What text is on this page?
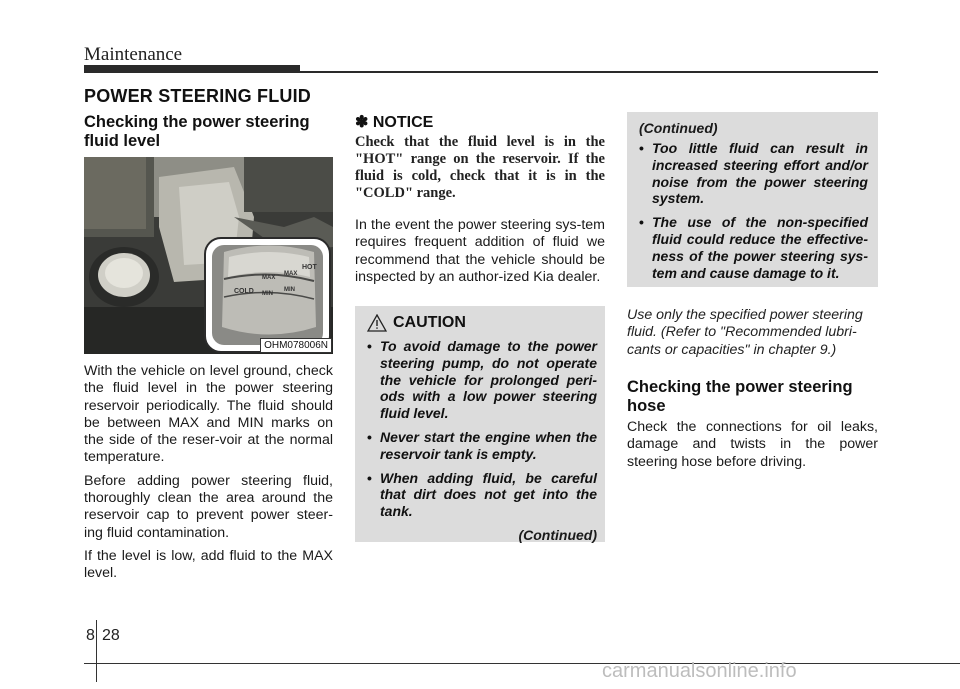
Maintenance
POWER STEERING FLUID
Checking the power steering fluid level
COLD
MAX
MIN
MAX
MIN
HOT
OHM078006N

With the vehicle on level ground, check the fluid level in the power steering reservoir periodically. The fluid should be between MAX and MIN marks on the side of the reser-voir at the normal temperature.

Before adding power steering fluid, thoroughly clean the area around the reservoir cap to prevent power steer-ing fluid contamination.

If the level is low, add fluid to the MAX level.

✽ NOTICE
Check that the fluid level is in the "HOT" range on the reservoir. If the fluid is cold, check that it is in the "COLD" range.
In the event the power steering sys-tem requires frequent addition of fluid we recommend that the vehicle should be inspected by an author-ized Kia dealer.
CAUTION
• To avoid damage to the power steering pump, do not operate the vehicle for prolonged peri-ods with a low power steering fluid level.
• Never start the engine when the reservoir tank is empty.
• When adding fluid, be careful that dirt does not get into the tank.
(Continued)
(Continued)
• Too little fluid can result in increased steering effort and/or noise from the power steering system.
• The use of the non-specified fluid could reduce the effective-ness of the power steering sys-tem and cause damage to it.
Use only the specified power steering fluid. (Refer to "Recommended lubri-cants or capacities" in chapter 9.)
Checking the power steering hose
Check the connections for oil leaks, damage and twists in the power steering hose before driving.
8 28
carmanualsonline.info
